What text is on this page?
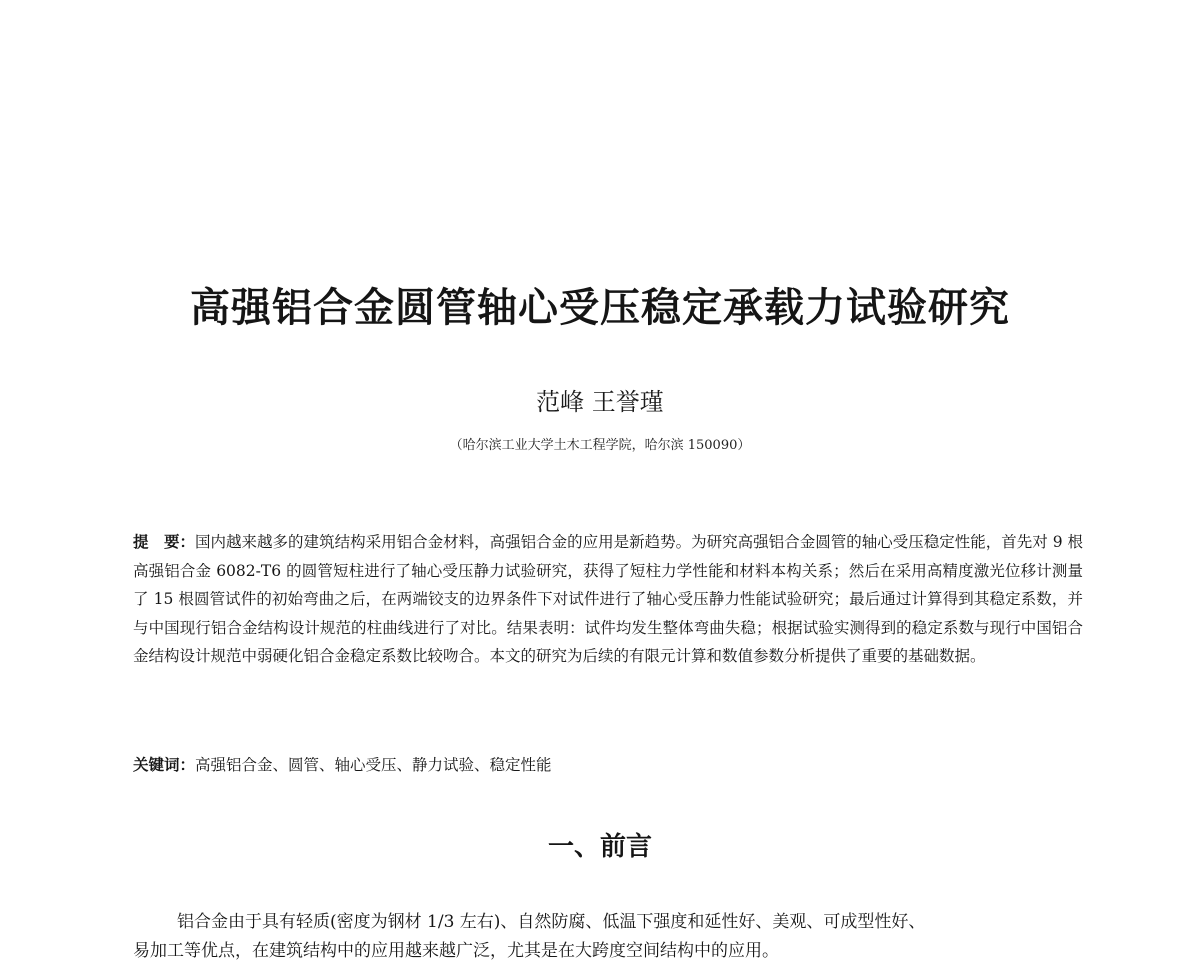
高强铝合金圆管轴心受压稳定承载力试验研究

范峰 王誉瑾

（哈尔滨工业大学土木工程学院，哈尔滨 150090）

提　要：国内越来越多的建筑结构采用铝合金材料，高强铝合金的应用是新趋势。为研究高强铝合金圆管的轴心受压稳定性能，首先对 9 根高强铝合金 6082-T6 的圆管短柱进行了轴心受压静力试验研究，获得了短柱力学性能和材料本构关系；然后在采用高精度激光位移计测量了 15 根圆管试件的初始弯曲之后，在两端铰支的边界条件下对试件进行了轴心受压静力性能试验研究；最后通过计算得到其稳定系数，并与中国现行铝合金结构设计规范的柱曲线进行了对比。结果表明：试件均发生整体弯曲失稳；根据试验实测得到的稳定系数与现行中国铝合金结构设计规范中弱硬化铝合金稳定系数比较吻合。本文的研究为后续的有限元计算和数值参数分析提供了重要的基础数据。

关键词：高强铝合金、圆管、轴心受压、静力试验、稳定性能

一、前言

铝合金由于具有轻质(密度为钢材 1/3 左右)、自然防腐、低温下强度和延性好、美观、可成型性好、

易加工等优点，在建筑结构中的应用越来越广泛，尤其是在大跨度空间结构中的应用。
